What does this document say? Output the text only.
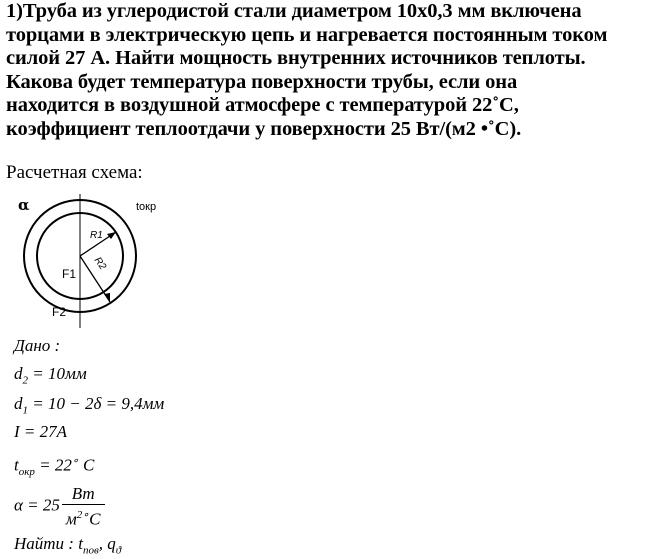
1)Труба из углеродистой стали диаметром 10х0,3 мм включена
торцами в электрическую цепь и нагревается постоянным током
силой 27 А. Найти мощность внутренних источников теплоты.
Какова будет температура поверхности трубы, если она
находится в воздушной атмосфере с температурой 22˚С,
коэффициент теплоотдачи у поверхности 25 Вт/(м2 •˚С).
Расчетная схема:
α	tокр
R1
R2
F1
F2
Дано :
$d_2 = 10мм$
$d_1 = 10 - 2\delta = 9,4мм$
I = 27A
$t_{окр} = 22^\circ$ C
$\alpha = 25 \frac{Вт}{м^{2\circ}C}$
Найти : $t_{пов}$, $q_ϑ$
